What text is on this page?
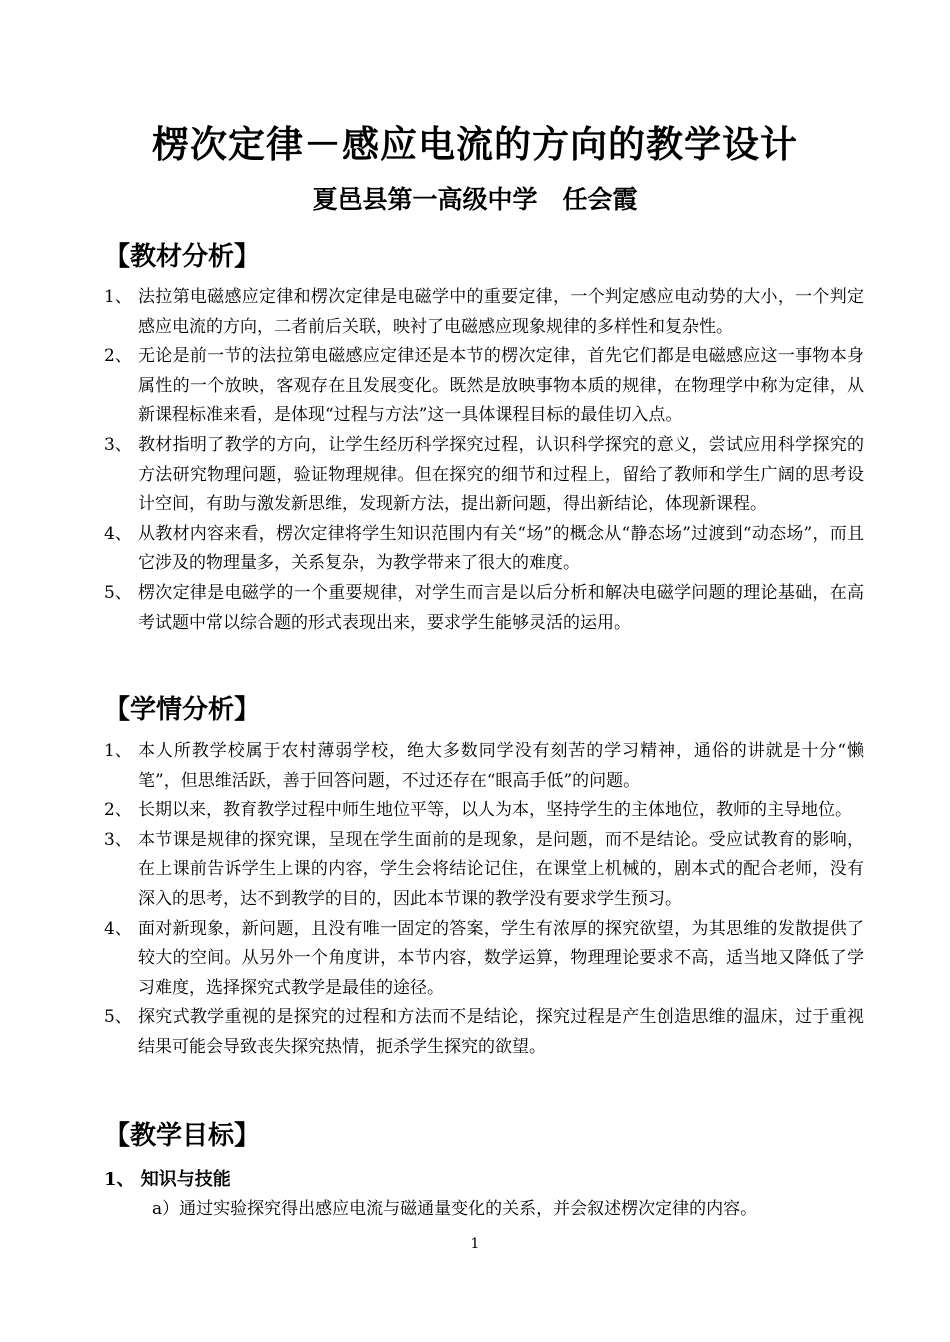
楞次定律－感应电流的方向的教学设计
夏邑县第一高级中学　任会霞
【教材分析】
1、 法拉第电磁感应定律和楞次定律是电磁学中的重要定律，一个判定感应电动势的大小，一个判定感应电流的方向，二者前后关联，映衬了电磁感应现象规律的多样性和复杂性。
2、 无论是前一节的法拉第电磁感应定律还是本节的楞次定律，首先它们都是电磁感应这一事物本身属性的一个放映，客观存在且发展变化。既然是放映事物本质的规律，在物理学中称为定律，从新课程标准来看，是体现“过程与方法”这一具体课程目标的最佳切入点。
3、 教材指明了教学的方向，让学生经历科学探究过程，认识科学探究的意义，尝试应用科学探究的方法研究物理问题，验证物理规律。但在探究的细节和过程上，留给了教师和学生广阔的思考设计空间，有助与激发新思维，发现新方法，提出新问题，得出新结论，体现新课程。
4、 从教材内容来看，楞次定律将学生知识范围内有关“场”的概念从“静态场”过渡到“动态场”，而且它涉及的物理量多，关系复杂，为教学带来了很大的难度。
5、 楞次定律是电磁学的一个重要规律，对学生而言是以后分析和解决电磁学问题的理论基础，在高考试题中常以综合题的形式表现出来，要求学生能够灵活的运用。
【学情分析】
1、 本人所教学校属于农村薄弱学校，绝大多数同学没有刻苦的学习精神，通俗的讲就是十分“懒笔”，但思维活跃，善于回答问题，不过还存在“眼高手低”的问题。
2、 长期以来，教育教学过程中师生地位平等，以人为本，坚持学生的主体地位，教师的主导地位。
3、 本节课是规律的探究课，呈现在学生面前的是现象，是问题，而不是结论。受应试教育的影响，在上课前告诉学生上课的内容，学生会将结论记住，在课堂上机械的，剧本式的配合老师，没有深入的思考，达不到教学的目的，因此本节课的教学没有要求学生预习。
4、 面对新现象，新问题，且没有唯一固定的答案，学生有浓厚的探究欲望，为其思维的发散提供了较大的空间。从另外一个角度讲，本节内容，数学运算，物理理论要求不高，适当地又降低了学习难度，选择探究式教学是最佳的途径。
5、 探究式教学重视的是探究的过程和方法而不是结论，探究过程是产生创造思维的温床，过于重视结果可能会导致丧失探究热情，扼杀学生探究的欲望。
【教学目标】
1、 知识与技能
a）通过实验探究得出感应电流与磁通量变化的关系，并会叙述楞次定律的内容。
1
